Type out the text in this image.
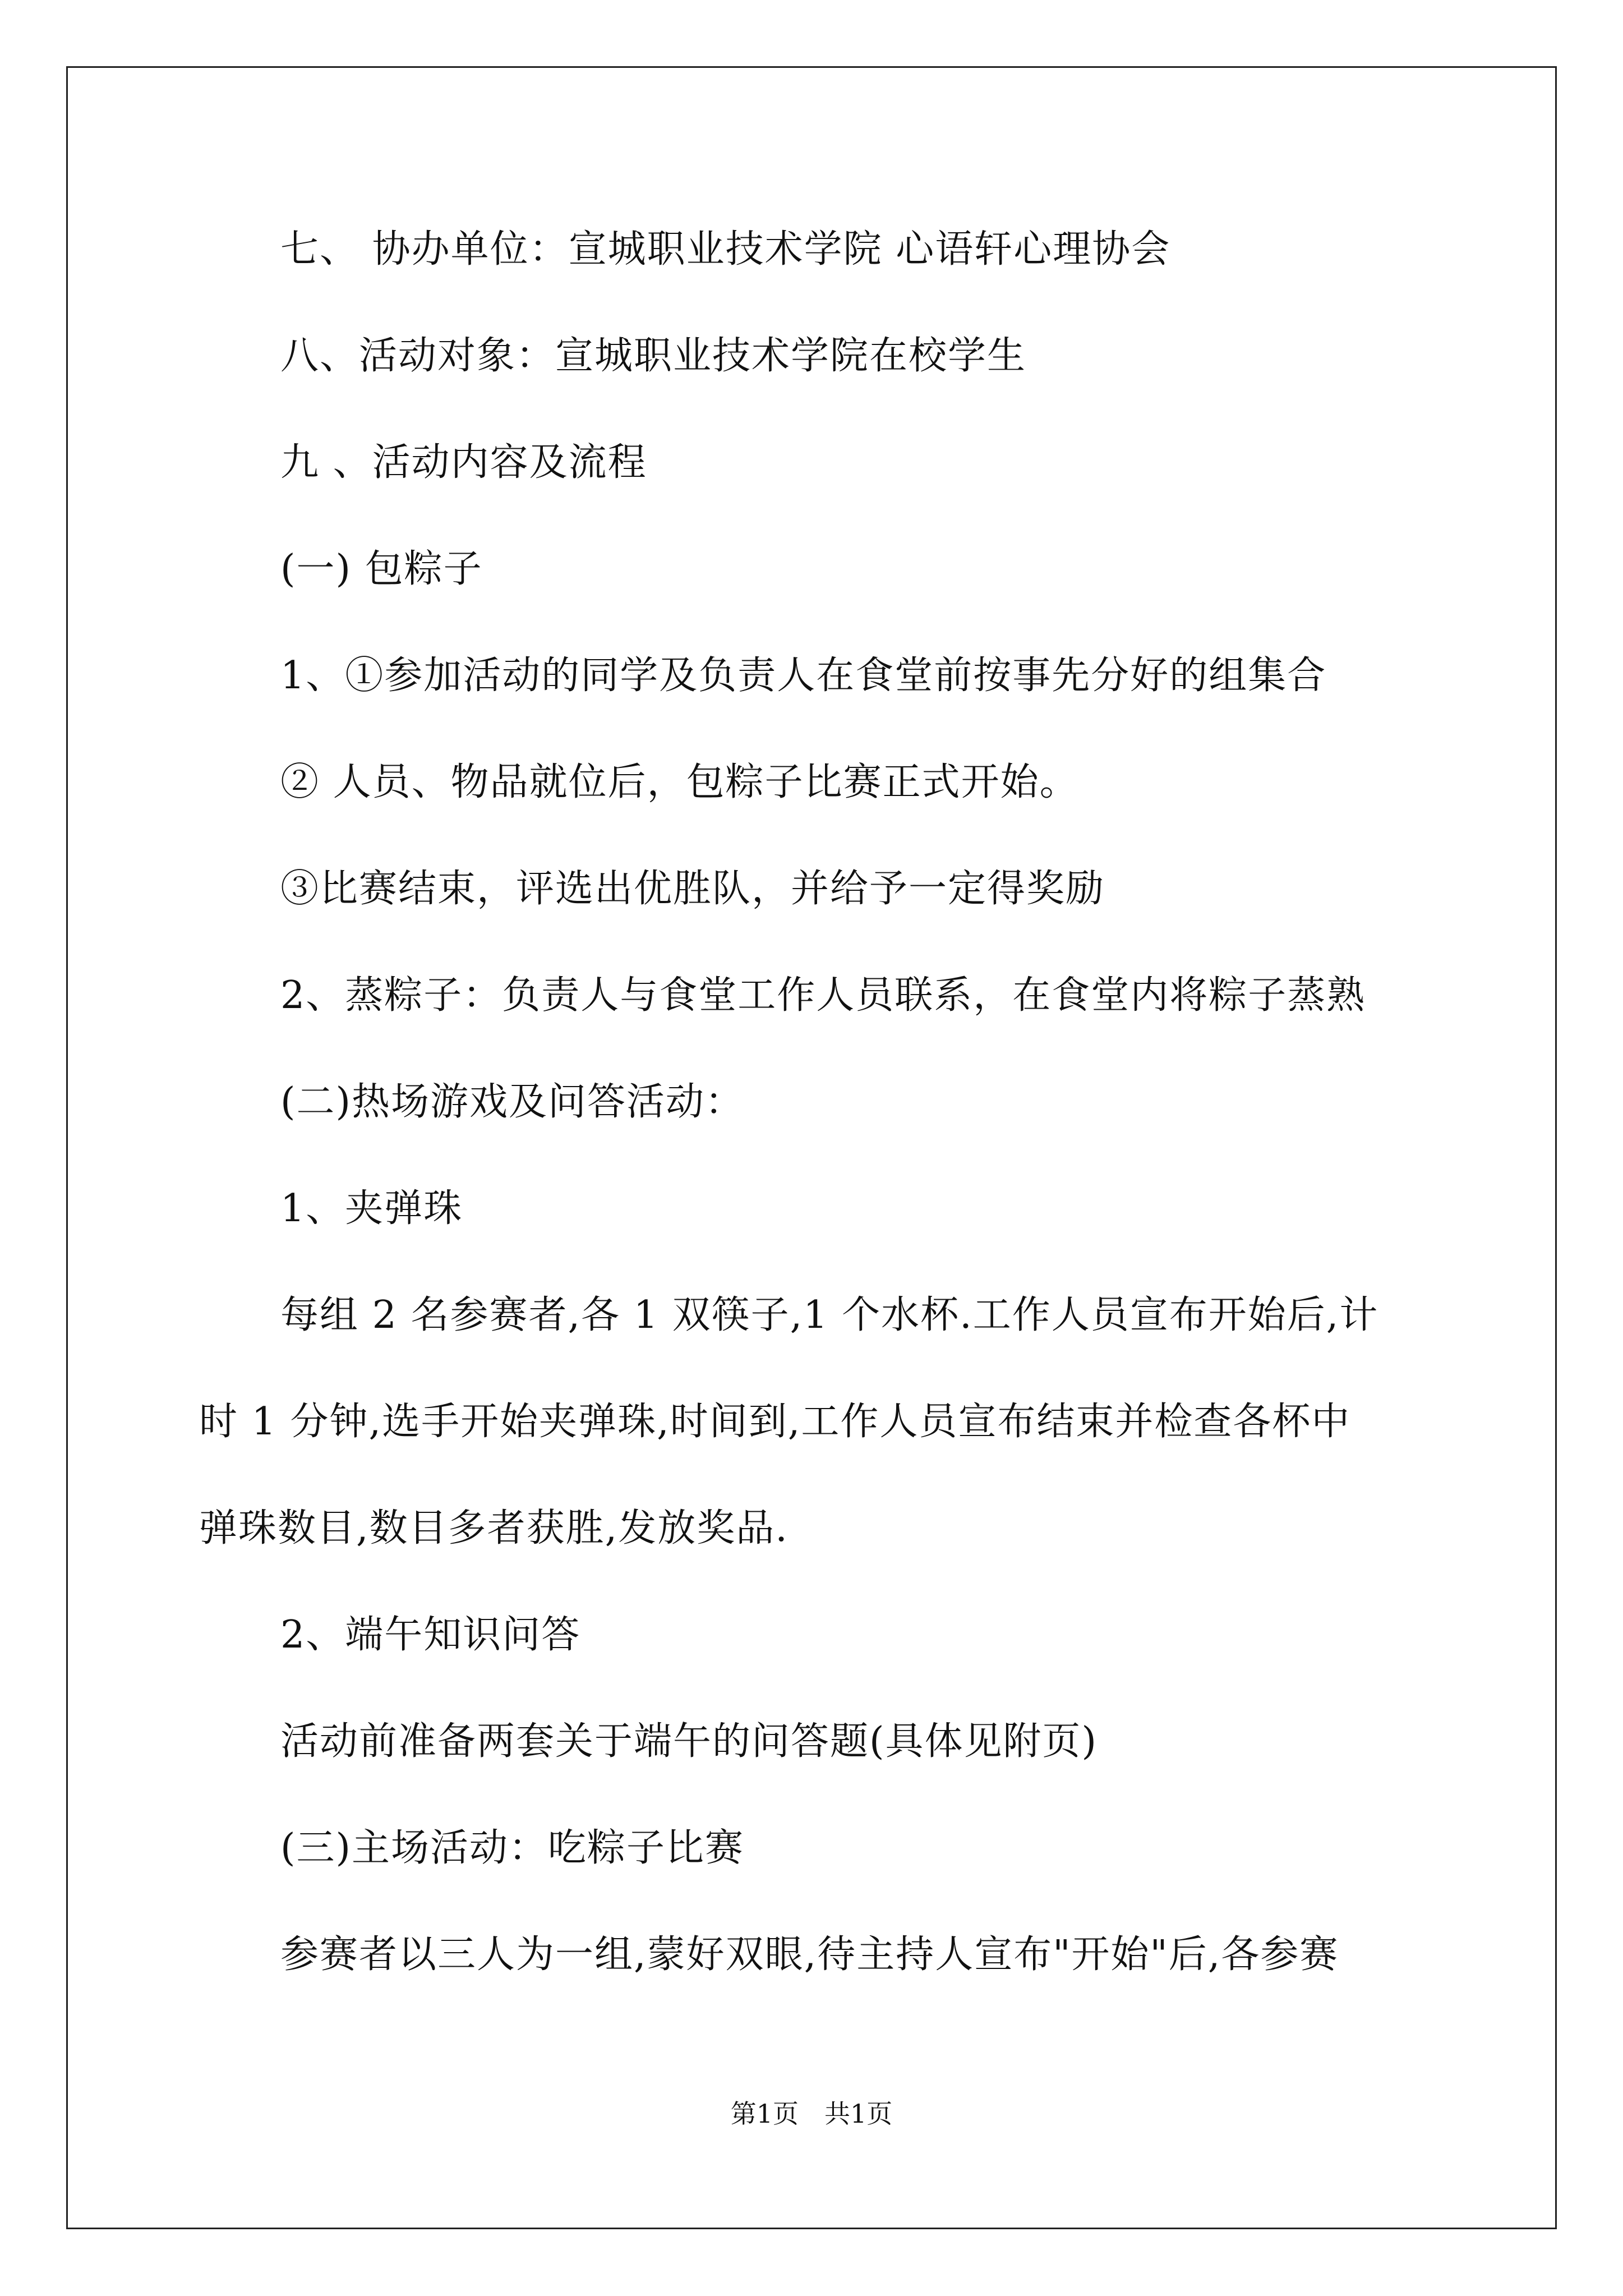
七、 协办单位：宣城职业技术学院 心语轩心理协会
八、活动对象：宣城职业技术学院在校学生
九 、活动内容及流程
(一) 包粽子
1、①参加活动的同学及负责人在食堂前按事先分好的组集合
② 人员、物品就位后，包粽子比赛正式开始。
③比赛结束，评选出优胜队，并给予一定得奖励
2、蒸粽子：负责人与食堂工作人员联系，在食堂内将粽子蒸熟
(二)热场游戏及问答活动：
1、夹弹珠
每组 2 名参赛者,各 1 双筷子,1 个水杯.工作人员宣布开始后,计
时 1 分钟,选手开始夹弹珠,时间到,工作人员宣布结束并检查各杯中
弹珠数目,数目多者获胜,发放奖品.
2、端午知识问答
活动前准备两套关于端午的问答题(具体见附页)
(三)主场活动：吃粽子比赛
参赛者以三人为一组,蒙好双眼,待主持人宣布"开始"后,各参赛
第1页　共1页
